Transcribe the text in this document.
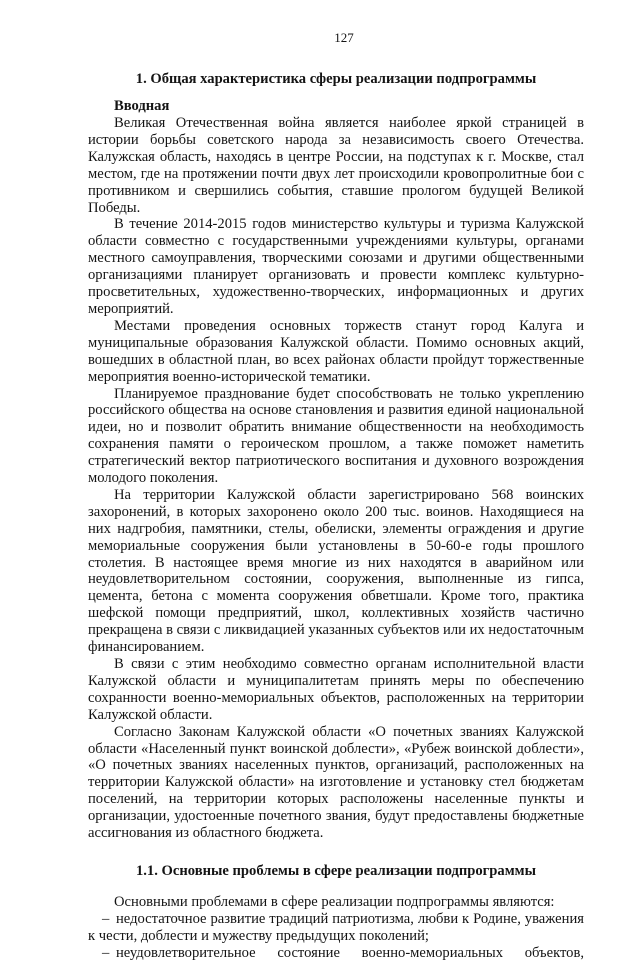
127
1. Общая характеристика сферы реализации подпрограммы
Вводная

Великая Отечественная война является наиболее яркой страницей в истории борьбы советского народа за независимость своего Отечества. Калужская область, находясь в центре России, на подступах к г. Москве, стал местом, где на протяжении почти двух лет происходили кровопролитные бои с противником и свершились события, ставшие прологом будущей Великой Победы.

В течение 2014-2015 годов министерство культуры и туризма Калужской области совместно с государственными учреждениями культуры, органами местного самоуправления, творческими союзами и другими общественными организациями планирует организовать и провести комплекс культурно-просветительных, художественно-творческих, информационных и других мероприятий.

Местами проведения основных торжеств станут город Калуга и муниципальные образования Калужской области. Помимо основных акций, вошедших в областной план, во всех районах области пройдут торжественные мероприятия военно-исторической тематики.

Планируемое празднование будет способствовать не только укреплению российского общества на основе становления и развития единой национальной идеи, но и позволит обратить внимание общественности на необходимость сохранения памяти о героическом прошлом, а также поможет наметить стратегический вектор патриотического воспитания и духовного возрождения молодого поколения.

На территории Калужской области зарегистрировано 568 воинских захоронений, в которых захоронено около 200 тыс. воинов. Находящиеся на них надгробия, памятники, стелы, обелиски, элементы ограждения и другие мемориальные сооружения были установлены в 50-60-е годы прошлого столетия. В настоящее время многие из них находятся в аварийном или неудовлетворительном состоянии, сооружения, выполненные из гипса, цемента, бетона с момента сооружения обветшали. Кроме того, практика шефской помощи предприятий, школ, коллективных хозяйств частично прекращена в связи с ликвидацией указанных субъектов или их недостаточным финансированием.

В связи с этим необходимо совместно органам исполнительной власти Калужской области и муниципалитетам принять меры по обеспечению сохранности военно-мемориальных объектов, расположенных на территории Калужской области.

Согласно Законам Калужской области «О почетных званиях Калужской области «Населенный пункт воинской доблести», «Рубеж воинской доблести», «О почетных званиях населенных пунктов, организаций, расположенных на территории Калужской области» на изготовление и установку стел бюджетам поселений, на территории которых расположены населенные пункты и организации, удостоенные почетного звания, будут предоставлены бюджетные ассигнования из областного бюджета.

1.1. Основные проблемы в сфере реализации подпрограммы

Основными проблемами в сфере реализации подпрограммы являются:

– недостаточное развитие традиций патриотизма, любви к Родине, уважения к чести, доблести и мужеству предыдущих поколений;

– неудовлетворительное состояние военно-мемориальных объектов,
